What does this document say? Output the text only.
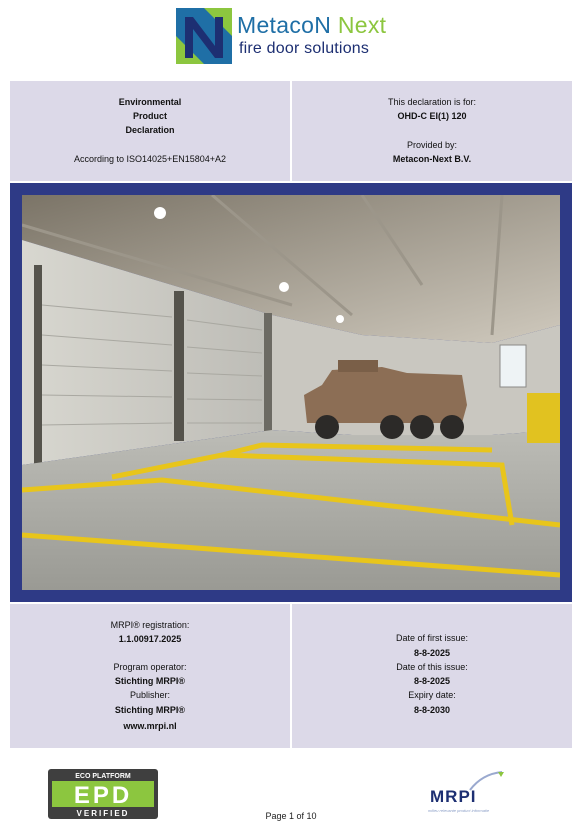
MetacoN Next
fire door solutions
Environmental
Product
Declaration
According to ISO14025+EN15804+A2
This declaration is for:
OHD-C EI(1) 120
Provided by:
Metacon-Next B.V.
MRPI® registration:
1.1.00917.2025
Program operator:
Stichting MRPI®
Publisher:
Stichting MRPI®
www.mrpi.nl
Date of first issue:
8-8-2025
Date of this issue:
8-8-2025
Expiry date:
8-8-2030
ECO PLATFORM
EPD
VERIFIED	Page 1 of 10
MRPI
milieu relevante product informatie
